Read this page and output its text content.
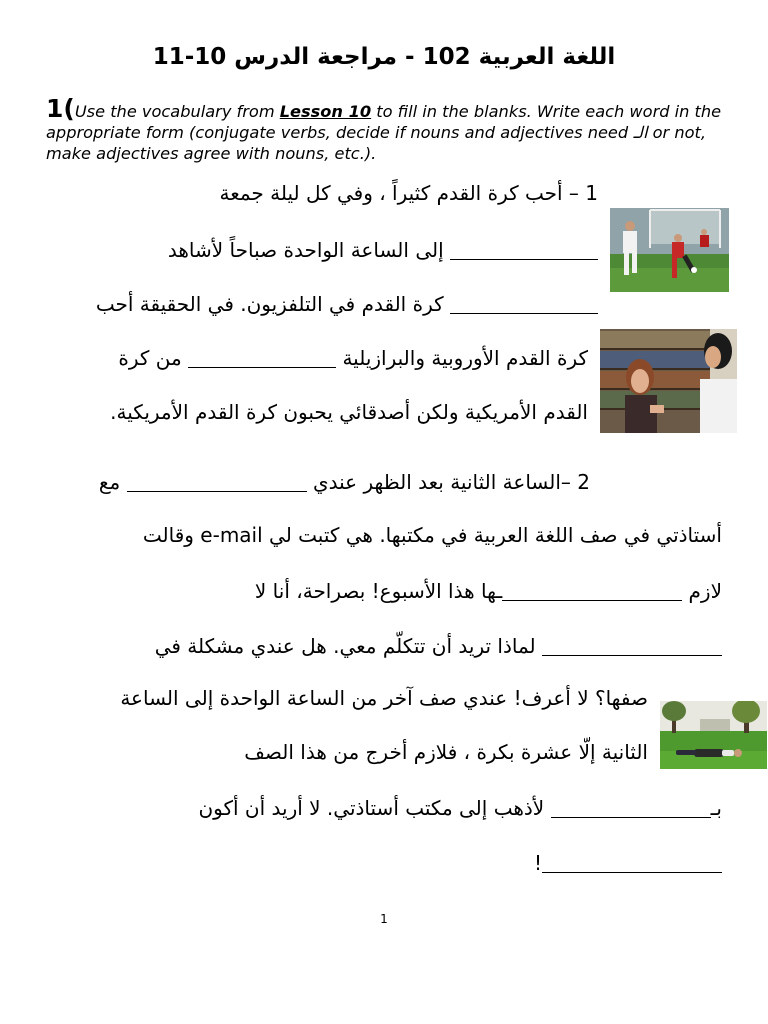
اللغة العربية 102 - مراجعة الدرس 10-11
1(Use the vocabulary from Lesson 10 to fill in the blanks. Write each word in the appropriate form (conjugate verbs, decide if nouns and adjectives need الـ or not, make adjectives agree with nouns, etc.).
1 – أحب كرة القدم كثيراً ، وفي كل ليلة جمعة
إلى الساعة الواحدة صباحاً لأشاهد
كرة القدم في التلفزيون. في الحقيقة أحب
كرة القدم الأوروبية والبرازيلية  من كرة
القدم الأمريكية ولكن أصدقائي يحبون كرة القدم الأمريكية.
2 –الساعة الثانية بعد الظهر عندي  مع
أستاذتي في صف اللغة العربية في مكتبها. هي كتبت لي e-mail وقالت
لازم ـها هذا الأسبوع! بصراحة، أنا لا
لماذا تريد أن تتكلّم معي. هل عندي مشكلة في
صفها؟ لا أعرف! عندي صف آخر من الساعة الواحدة إلى الساعة
الثانية إلّا عشرة بكرة ، فلازم أخرج من هذا الصف
بـ لأذهب إلى مكتب أستاذتي. لا أريد أن أكون
!
1
